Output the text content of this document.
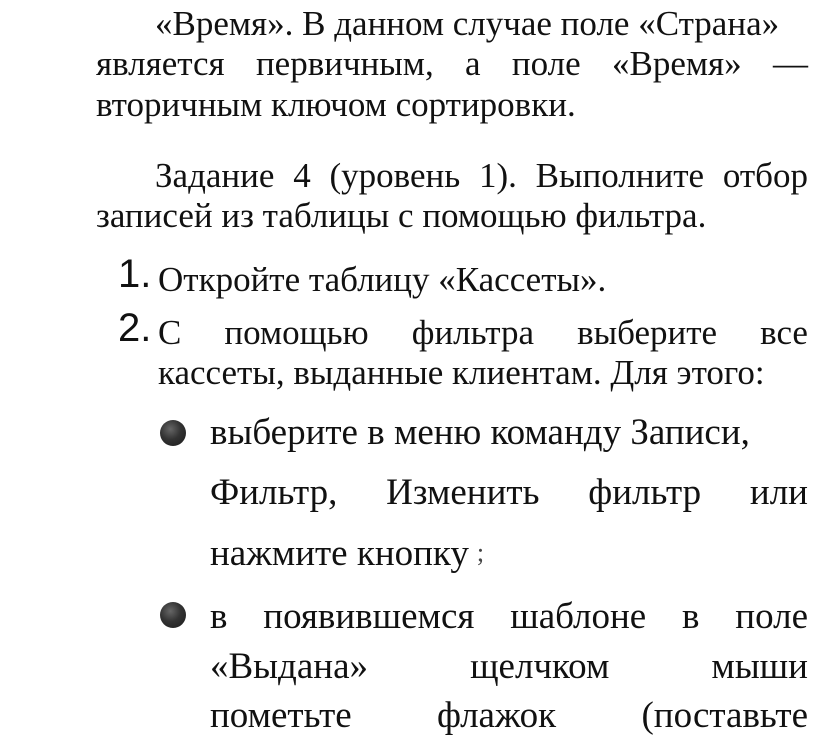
«Время». В данном случае поле «Страна»
является первичным, а поле «Время» —
вторичным ключом сортировки.
Задание 4 (уровень 1). Выполните отбор
записей из таблицы с помощью фильтра.
1. Откройте таблицу «Кассеты».
2. С помощью фильтра выберите все
кассеты, выданные клиентам. Для этого:
выберите в меню команду Записи,
Фильтр, Изменить фильтр или
нажмите кнопку ;
в появившемся шаблоне в поле
«Выдана»	щелчком	мыши
пометьте флажок (поставьте
